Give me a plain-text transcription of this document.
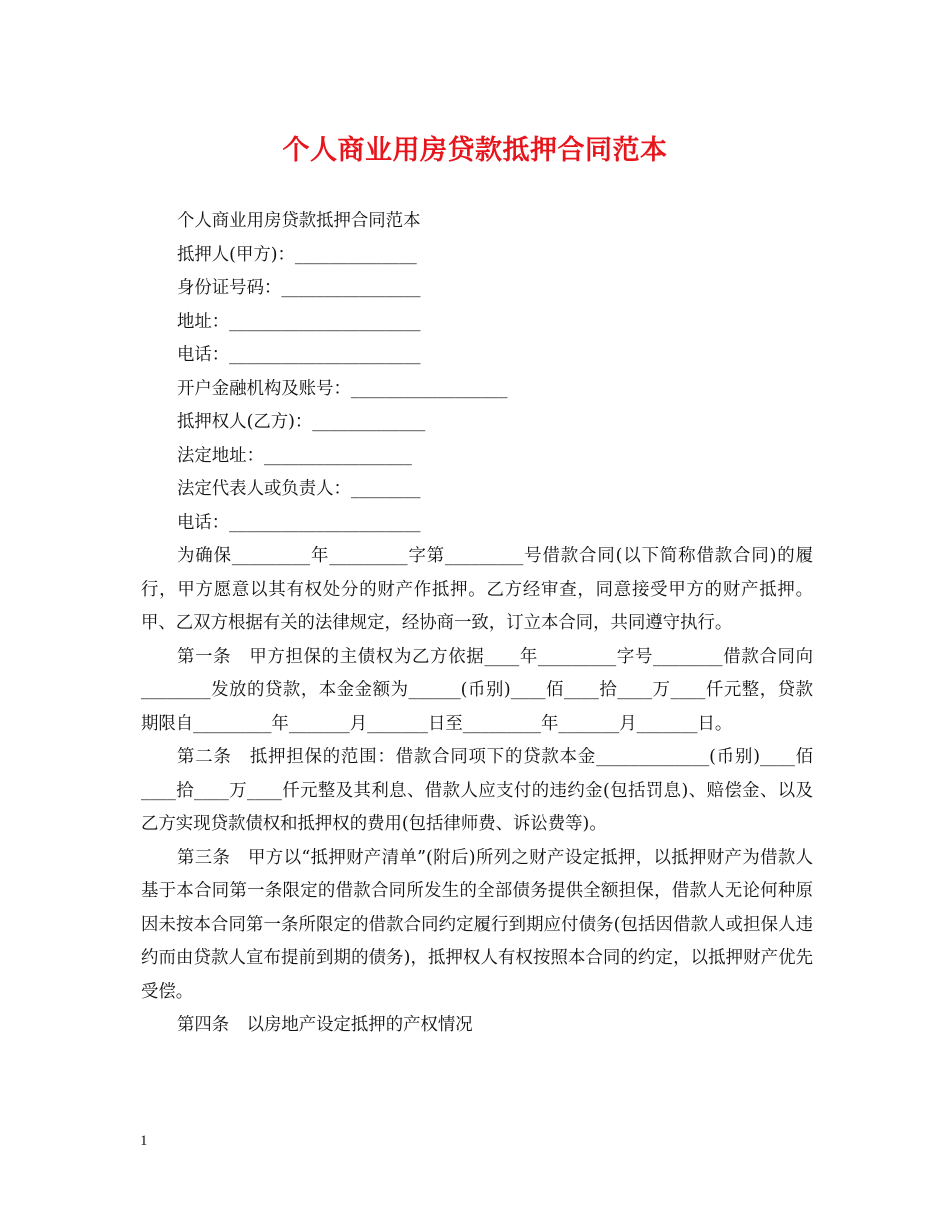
个人商业用房贷款抵押合同范本
个人商业用房贷款抵押合同范本
抵押人(甲方)：______________
身份证号码：________________
地址：______________________
电话：______________________
开户金融机构及账号：__________________
抵押权人(乙方)：_____________
法定地址：_________________
法定代表人或负责人：________
电话：______________________

为确保_________年_________字第_________号借款合同(以下简称借款合同)的履行，甲方愿意以其有权处分的财产作抵押。乙方经审查，同意接受甲方的财产抵押。甲、乙双方根据有关的法律规定，经协商一致，订立本合同，共同遵守执行。

第一条　甲方担保的主债权为乙方依据____年_________字号________借款合同向________发放的贷款，本金金额为______(币别)____佰____拾____万____仟元整，贷款期限自_________年_______月_______日至_________年_______月_______日。

第二条　抵押担保的范围：借款合同项下的贷款本金_____________(币别)____佰____拾____万____仟元整及其利息、借款人应支付的违约金(包括罚息)、赔偿金、以及乙方实现贷款债权和抵押权的费用(包括律师费、诉讼费等)。

第三条　甲方以“抵押财产清单”(附后)所列之财产设定抵押，以抵押财产为借款人基于本合同第一条限定的借款合同所发生的全部债务提供全额担保，借款人无论何种原因未按本合同第一条所限定的借款合同约定履行到期应付债务(包括因借款人或担保人违约而由贷款人宣布提前到期的债务)，抵押权人有权按照本合同的约定，以抵押财产优先受偿。

第四条　以房地产设定抵押的产权情况

1
